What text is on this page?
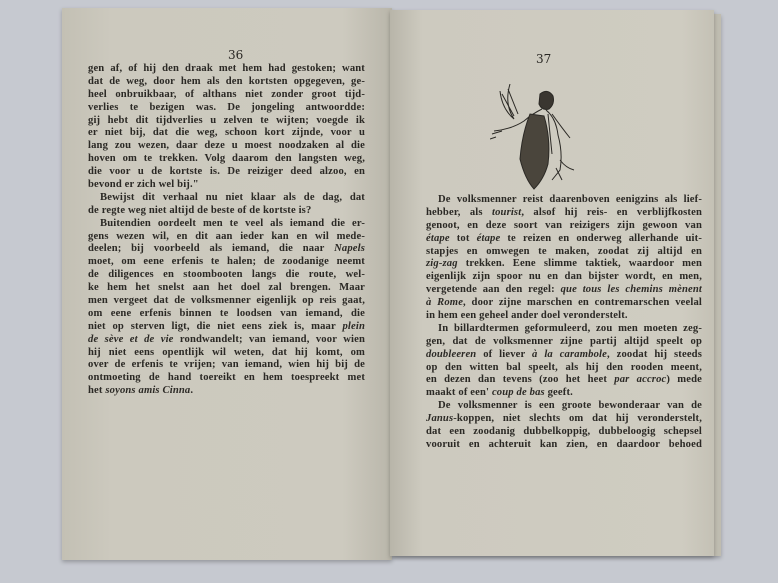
36
gen af, of hij den draak met hem had gestoken; want
dat de weg, door hem als den kortsten opgegeven, ge-
heel onbruikbaar, of althans niet zonder groot tijd-
verlies te bezigen was. De jongeling antwoordde:
gij hebt dit tijdverlies u zelven te wijten; voegde ik
er niet bij, dat die weg, schoon kort zijnde, voor u
lang zou wezen, daar deze u moest noodzaken al die
hoven om te trekken. Volg daarom den langsten weg,
die voor u de kortste is. De reiziger deed alzoo, en
bevond er zich wel bij."
Bewijst dit verhaal nu niet klaar als de dag, dat
de regte weg niet altijd de beste of de kortste is?
Buitendien oordeelt men te veel als iemand die er-
gens wezen wil, en dit aan ieder kan en wil mede-
deelen; bij voorbeeld als iemand, die naar Napels
moet, om eene erfenis te halen; de zoodanige neemt
de diligences en stoombooten langs die route, wel-
ke hem het snelst aan het doel zal brengen. Maar
men vergeet dat de volksmenner eigenlijk op reis gaat,
om eene erfenis binnen te loodsen van iemand, die
niet op sterven ligt, die niet eens ziek is, maar plein
de sève et de vie rondwandelt; van iemand, voor wien
hij niet eens opentlijk wil weten, dat hij komt, om
over de erfenis te vrijen; van iemand, wien hij bij de
ontmoeting de hand toereikt en hem toespreekt met
het soyons amis Cinna.
37
De volksmenner reist daarenboven eenigzins als lief-
hebber, als tourist, alsof hij reis- en verblijfkosten
genoot, en deze soort van reizigers zijn gewoon van
étape tot étape te reizen en onderweg allerhande uit-
stapjes en omwegen te maken, zoodat zij altijd en
zig-zag trekken. Eene slimme taktiek, waardoor men
eigenlijk zijn spoor nu en dan bijster wordt, en men,
vergetende aan den regel: que tous les chemins mènent
à Rome, door zijne marschen en contremarschen veelal
in hem een geheel ander doel veronderstelt.
In billardtermen geformuleerd, zou men moeten zeg-
gen, dat de volksmenner zijne partij altijd speelt op
doubleeren of liever à la carambole, zoodat hij steeds
op den witten bal speelt, als hij den rooden meent,
en dezen dan tevens (zoo het heet par accroc) mede
maakt of een' coup de bas geeft.
De volksmenner is een groote bewonderaar van de
Janus-koppen, niet slechts om dat hij veronderstelt,
dat een zoodanig dubbelkoppig, dubbeloogig schepsel
vooruit en achteruit kan zien, en daardoor behoed
